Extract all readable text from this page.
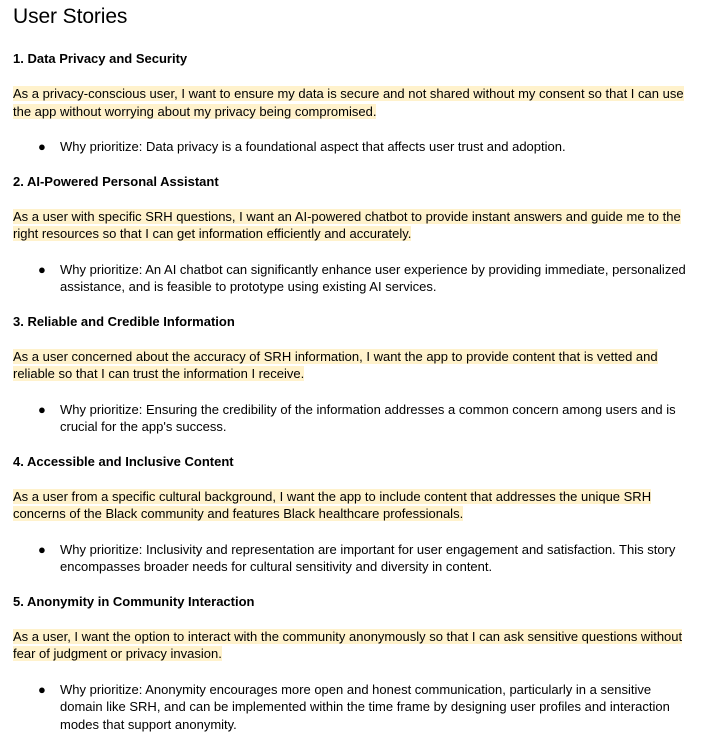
User Stories

1. Data Privacy and Security

As a privacy-conscious user, I want to ensure my data is secure and not shared without my consent so that I can use the app without worrying about my privacy being compromised.

● Why prioritize: Data privacy is a foundational aspect that affects user trust and adoption.

2. AI-Powered Personal Assistant

As a user with specific SRH questions, I want an AI-powered chatbot to provide instant answers and guide me to the right resources so that I can get information efficiently and accurately.

● Why prioritize: An AI chatbot can significantly enhance user experience by providing immediate, personalized assistance, and is feasible to prototype using existing AI services.

3. Reliable and Credible Information

As a user concerned about the accuracy of SRH information, I want the app to provide content that is vetted and reliable so that I can trust the information I receive.

● Why prioritize: Ensuring the credibility of the information addresses a common concern among users and is crucial for the app's success.

4. Accessible and Inclusive Content

As a user from a specific cultural background, I want the app to include content that addresses the unique SRH concerns of the Black community and features Black healthcare professionals.

● Why prioritize: Inclusivity and representation are important for user engagement and satisfaction. This story encompasses broader needs for cultural sensitivity and diversity in content.

5. Anonymity in Community Interaction

As a user, I want the option to interact with the community anonymously so that I can ask sensitive questions without fear of judgment or privacy invasion.

● Why prioritize: Anonymity encourages more open and honest communication, particularly in a sensitive domain like SRH, and can be implemented within the time frame by designing user profiles and interaction modes that support anonymity.
